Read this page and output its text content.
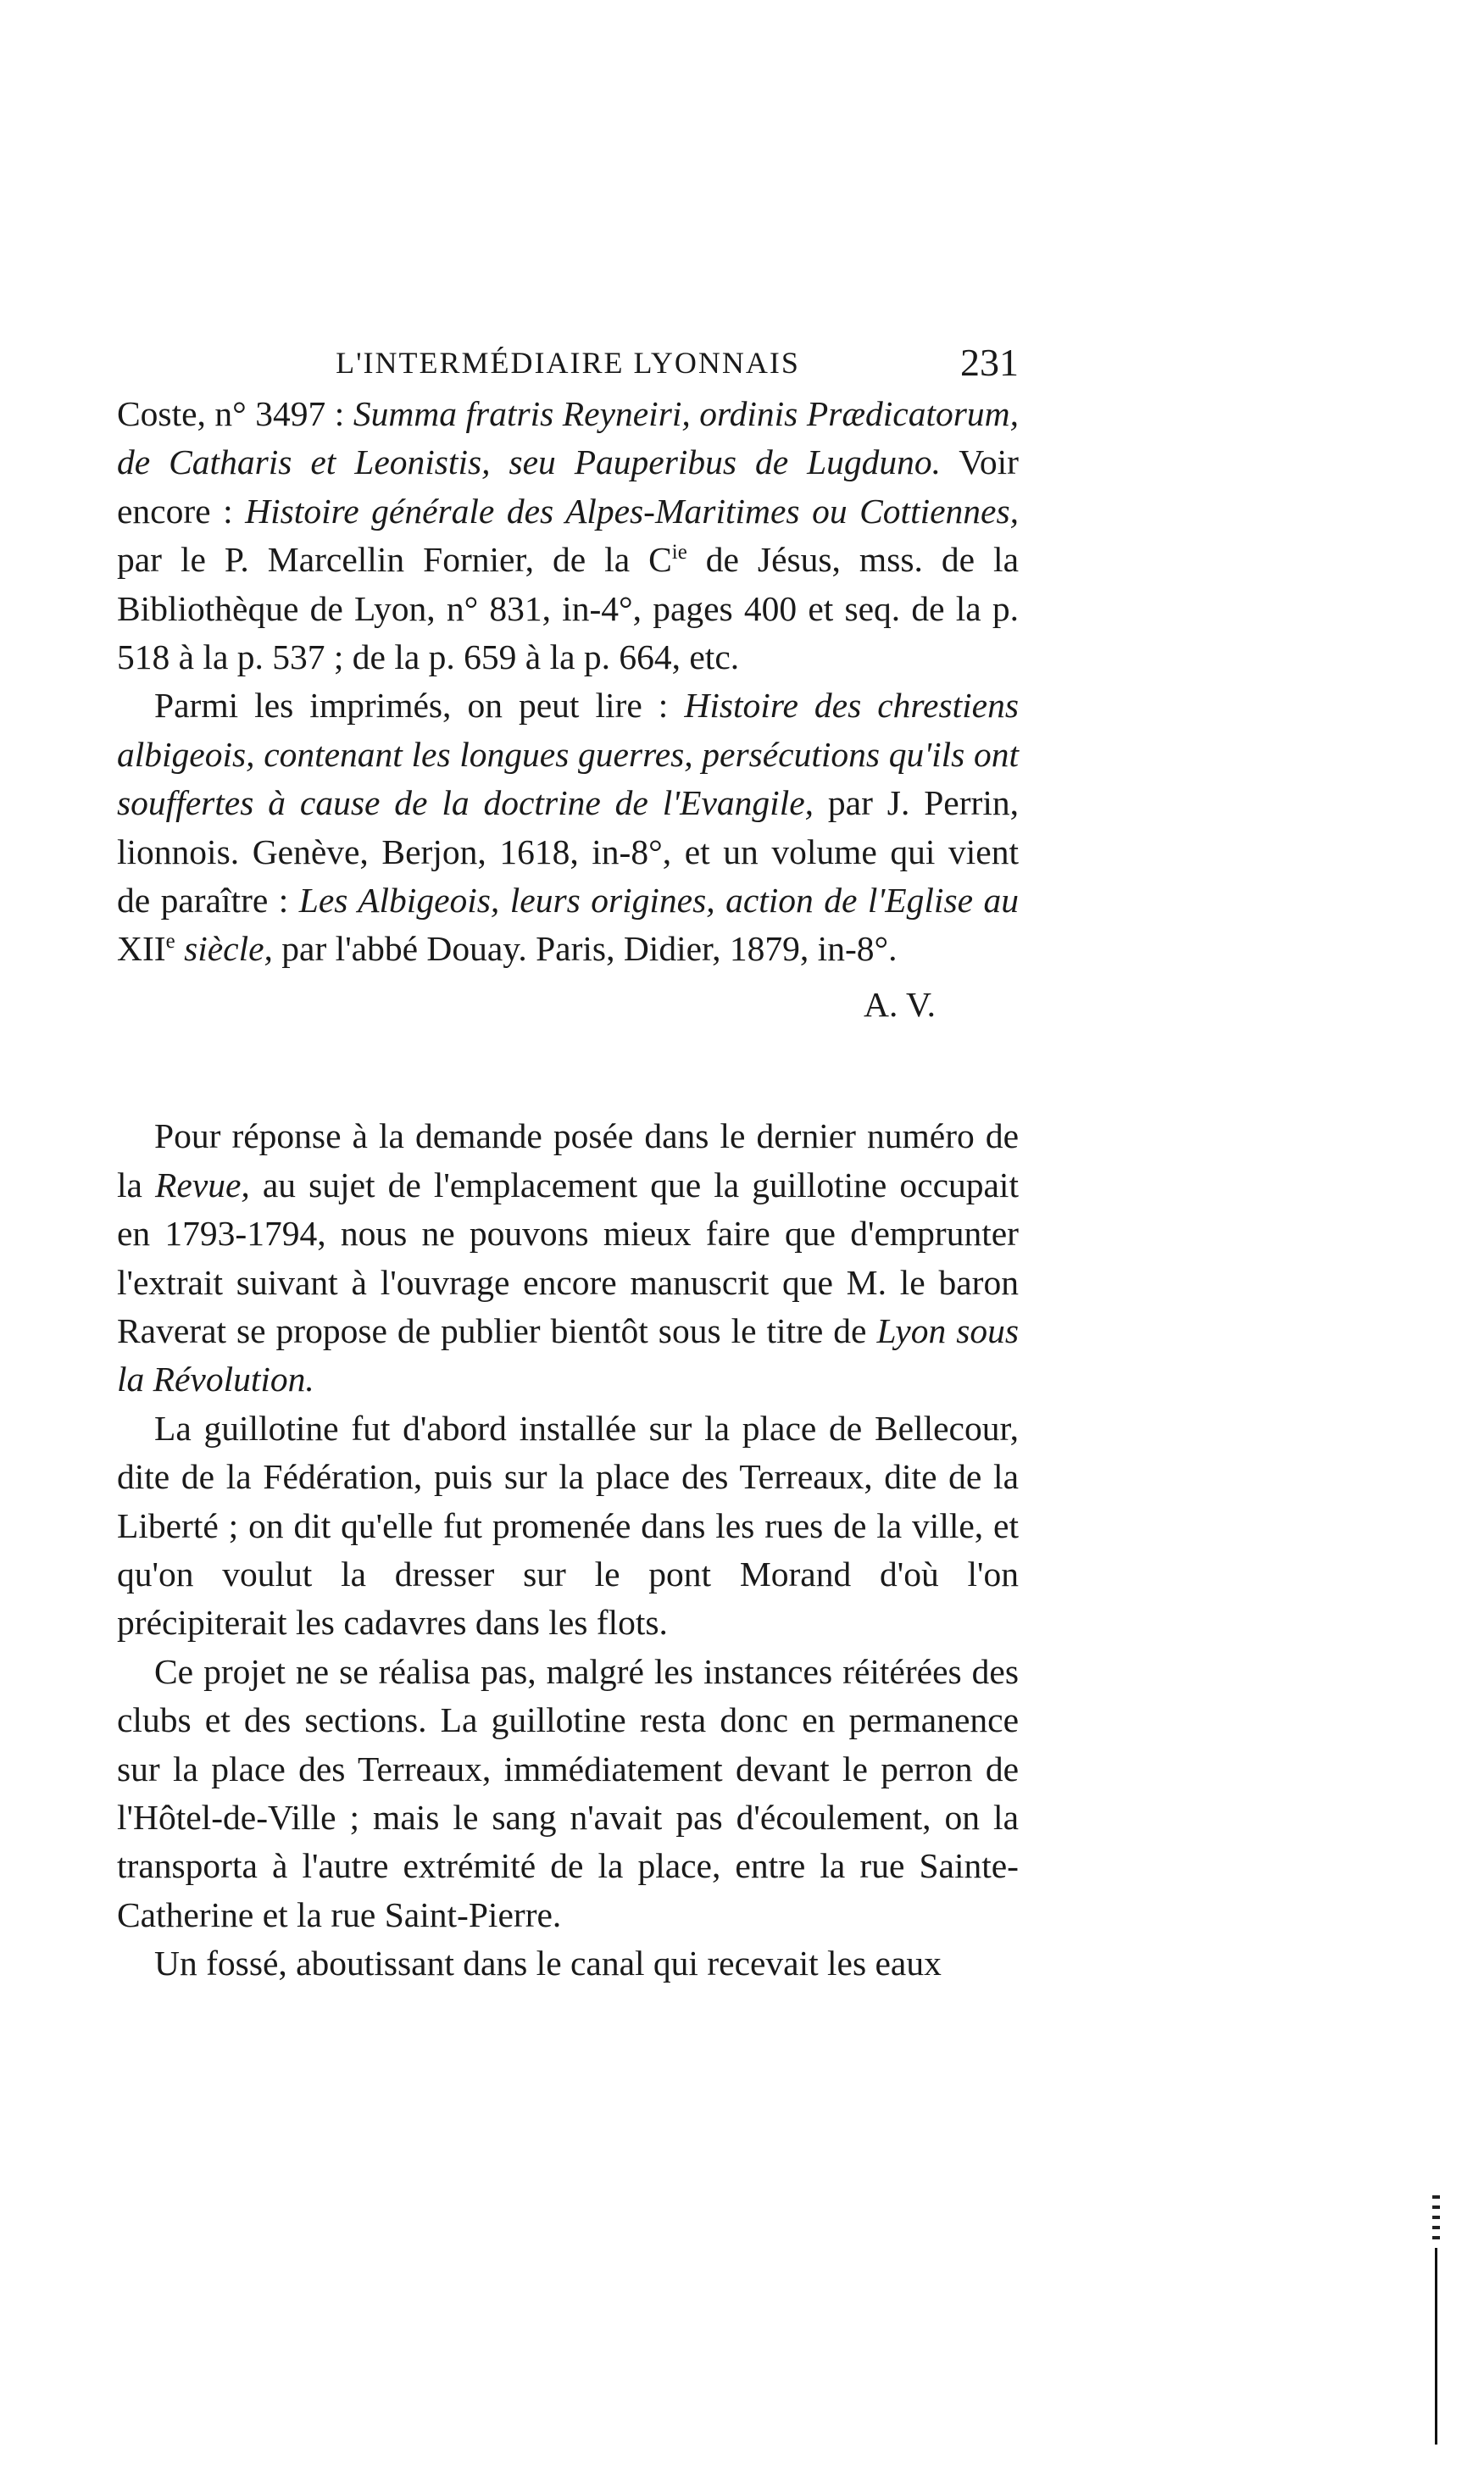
L'INTERMÉDIAIRE LYONNAIS	231

Coste, n° 3497 : Summa fratris Reyneiri, ordinis Prædicatorum, de Catharis et Leonistis, seu Pauperibus de Lugduno. Voir encore : Histoire générale des Alpes-Maritimes ou Cottiennes, par le P. Marcellin Fornier, de la $C^{ie}$ de Jésus, mss. de la Bibliothèque de Lyon, n° 831, in-4°, pages 400 et seq. de la p. 518 à la p. 537 ; de la p. 659 à la p. 664, etc.

Parmi les imprimés, on peut lire : Histoire des chrestiens albigeois, contenant les longues guerres, persécutions qu'ils ont souffertes à cause de la doctrine de l'Evangile, par J. Perrin, lionnois. Genève, Berjon, 1618, in-8°, et un volume qui vient de paraître : Les Albigeois, leurs origines, action de l'Eglise au XIIe siècle, par l'abbé Douay. Paris, Didier, 1879, in-8°.

A. V.

Pour réponse à la demande posée dans le dernier numéro de la Revue, au sujet de l'emplacement que la guillotine occupait en 1793-1794, nous ne pouvons mieux faire que d'emprunter l'extrait suivant à l'ouvrage encore manuscrit que M. le baron Raverat se propose de publier bientôt sous le titre de Lyon sous la Révolution.

La guillotine fut d'abord installée sur la place de Bellecour, dite de la Fédération, puis sur la place des Terreaux, dite de la Liberté ; on dit qu'elle fut promenée dans les rues de la ville, et qu'on voulut la dresser sur le pont Morand d'où l'on précipiterait les cadavres dans les flots.

Ce projet ne se réalisa pas, malgré les instances réitérées des clubs et des sections. La guillotine resta donc en permanence sur la place des Terreaux, immédiatement devant le perron de l'Hôtel-de-Ville ; mais le sang n'avait pas d'écoulement, on la transporta à l'autre extrémité de la place, entre la rue Sainte-Catherine et la rue Saint-Pierre.

Un fossé, aboutissant dans le canal qui recevait les eaux
